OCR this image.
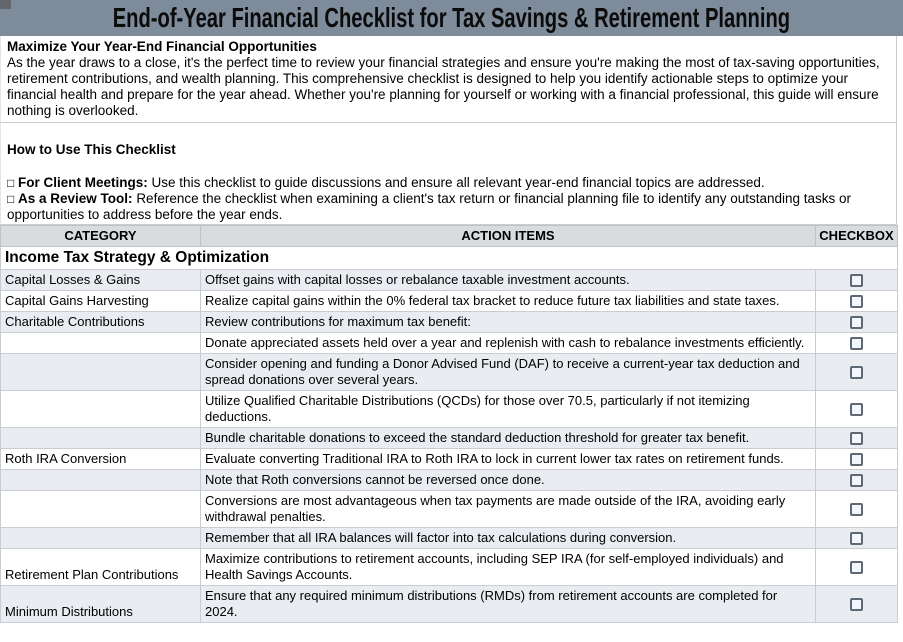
End-of-Year Financial Checklist for Tax Savings & Retirement Planning

Maximize Your Year-End Financial Opportunities

As the year draws to a close, it's the perfect time to review your financial strategies and ensure you're making the most of tax-saving opportunities, retirement contributions, and wealth planning. This comprehensive checklist is designed to help you identify actionable steps to optimize your financial health and prepare for the year ahead. Whether you're planning for yourself or working with a financial professional, this guide will ensure nothing is overlooked.

How to Use This Checklist

□ For Client Meetings: Use this checklist to guide discussions and ensure all relevant year-end financial topics are addressed.

□ As a Review Tool: Reference the checklist when examining a client's tax return or financial planning file to identify any outstanding tasks or opportunities to address before the year ends.

CATEGORY	ACTION ITEMS	CHECKBOX
Income Tax Strategy & Optimization		
Capital Losses & Gains	Offset gains with capital losses or rebalance taxable investment accounts.	
Capital Gains Harvesting	Realize capital gains within the 0% federal tax bracket to reduce future tax liabilities and state taxes.	
Charitable Contributions	Review contributions for maximum tax benefit:	
	Donate appreciated assets held over a year and replenish with cash to rebalance investments efficiently.	
	Consider opening and funding a Donor Advised Fund (DAF) to receive a current-year tax deduction and spread donations over several years.	
	Utilize Qualified Charitable Distributions (QCDs) for those over 70.5, particularly if not itemizing deductions.	
	Bundle charitable donations to exceed the standard deduction threshold for greater tax benefit.	
Roth IRA Conversion	Evaluate converting Traditional IRA to Roth IRA to lock in current lower tax rates on retirement funds.	
	Note that Roth conversions cannot be reversed once done.	
	Conversions are most advantageous when tax payments are made outside of the IRA, avoiding early withdrawal penalties.	
	Remember that all IRA balances will factor into tax calculations during conversion.	
Retirement Plan Contributions	Maximize contributions to retirement accounts, including SEP IRA (for self-employed individuals) and Health Savings Accounts.	
Minimum Distributions	Ensure that any required minimum distributions (RMDs) from retirement accounts are completed for 2024.	
